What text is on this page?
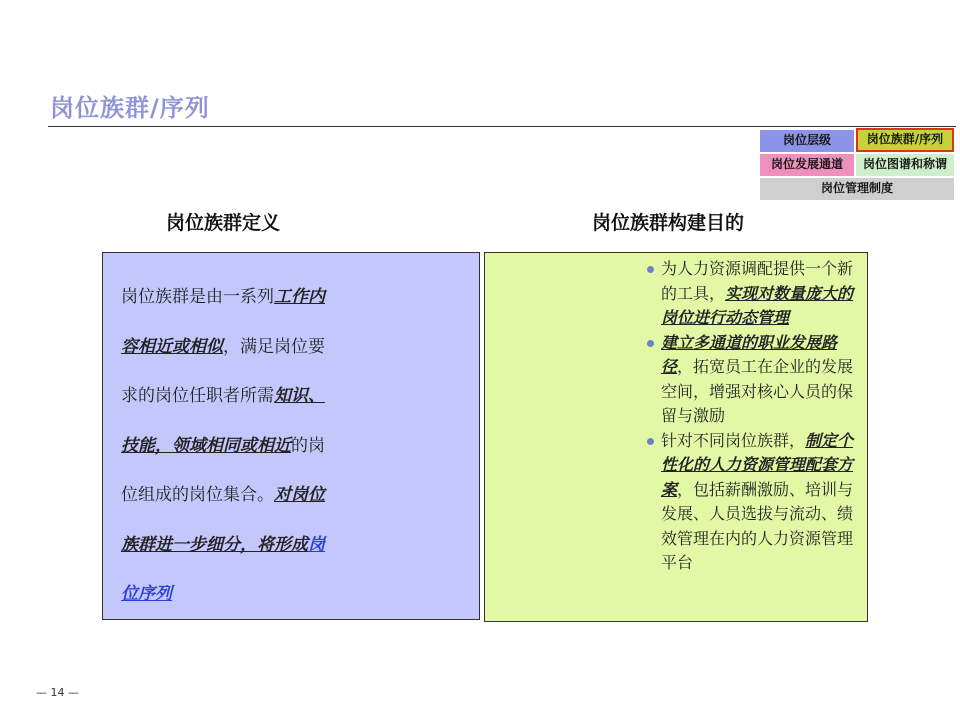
岗位族群/序列
岗位层级	岗位族群/序列
岗位发展通道	岗位图谱和称谓
岗位管理制度
岗位族群定义	岗位族群构建目的
岗位族群是由一系列工作内容相近或相似，满足岗位要求的岗位任职者所需知识、技能，领域相同或相近的岗位组成的岗位集合。对岗位族群进一步细分，将形成岗位序列
为人力资源调配提供一个新的工具，实现对数量庞大的岗位进行动态管理
建立多通道的职业发展路径，拓宽员工在企业的发展空间，增强对核心人员的保留与激励
针对不同岗位族群，制定个性化的人力资源管理配套方案，包括薪酬激励、培训与发展、人员选拔与流动、绩效管理在内的人力资源管理平台
— 14 —
